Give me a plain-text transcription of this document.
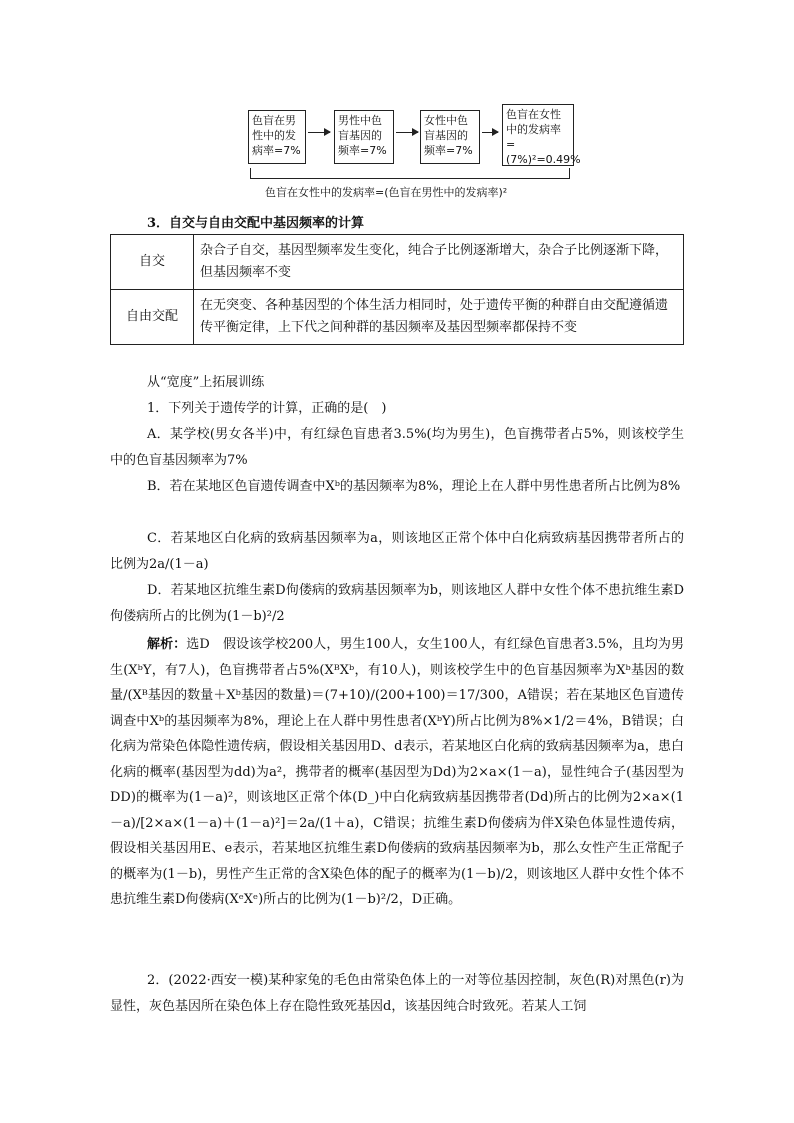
色盲在男性中的发病率=7%
男性中色盲基因的频率=7%
女性中色盲基因的频率=7%
色盲在女性中的发病率=(7%)²=0.49%
色盲在女性中的发病率=(色盲在男性中的发病率)²
3．自交与自由交配中基因频率的计算
自交	杂合子自交，基因型频率发生变化，纯合子比例逐渐增大，杂合子比例逐渐下降，但基因频率不变
自由交配	在无突变、各种基因型的个体生活力相同时，处于遗传平衡的种群自由交配遵循遗传平衡定律，上下代之间种群的基因频率及基因型频率都保持不变
从“宽度”上拓展训练
1．下列关于遗传学的计算，正确的是(　)
A．某学校(男女各半)中，有红绿色盲患者3.5%(均为男生)，色盲携带者占5%，则该校学生中的色盲基因频率为7%
B．若在某地区色盲遗传调查中Xᵇ的基因频率为8%，理论上在人群中男性患者所占比例为8%
C．若某地区白化病的致病基因频率为a，则该地区正常个体中白化病致病基因携带者所占的比例为2a/(1－a)
D．若某地区抗维生素D佝偻病的致病基因频率为b，则该地区人群中女性个体不患抗维生素D佝偻病所占的比例为(1－b)²/2
解析：选D　假设该学校200人，男生100人，女生100人，有红绿色盲患者3.5%，且均为男生(XᵇY，有7人)，色盲携带者占5%(XᴮXᵇ，有10人)，则该校学生中的色盲基因频率为Xᵇ基因的数量/(Xᴮ基因的数量＋Xᵇ基因的数量)＝(7+10)/(200+100)＝17/300，A错误；若在某地区色盲遗传调查中Xᵇ的基因频率为8%，理论上在人群中男性患者(XᵇY)所占比例为8%×1/2＝4%，B错误；白化病为常染色体隐性遗传病，假设相关基因用D、d表示，若某地区白化病的致病基因频率为a，患白化病的概率(基因型为dd)为a²，携带者的概率(基因型为Dd)为2×a×(1－a)，显性纯合子(基因型为DD)的概率为(1－a)²，则该地区正常个体(D_)中白化病致病基因携带者(Dd)所占的比例为2×a×(1－a)/[2×a×(1－a)＋(1－a)²]＝2a/(1＋a)，C错误；抗维生素D佝偻病为伴X染色体显性遗传病，假设相关基因用E、e表示，若某地区抗维生素D佝偻病的致病基因频率为b，那么女性产生正常配子的概率为(1－b)，男性产生正常的含X染色体的配子的概率为(1－b)/2，则该地区人群中女性个体不患抗维生素D佝偻病(XᵉXᵉ)所占的比例为(1－b)²/2，D正确。
2．(2022·西安一模)某种家兔的毛色由常染色体上的一对等位基因控制，灰色(R)对黑色(r)为显性，灰色基因所在染色体上存在隐性致死基因d，该基因纯合时致死。若某人工饲
